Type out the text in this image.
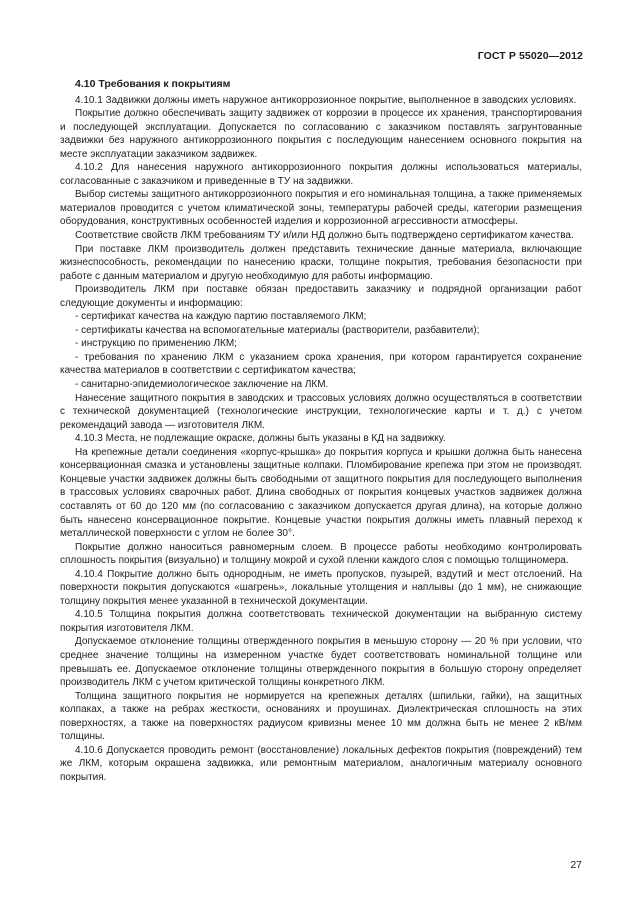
ГОСТ Р 55020—2012
4.10 Требования к покрытиям

4.10.1 Задвижки должны иметь наружное антикоррозионное покрытие, выполненное в заводских условиях.

Покрытие должно обеспечивать защиту задвижек от коррозии в процессе их хранения, транспортирования и последующей эксплуатации. Допускается по согласованию с заказчиком поставлять загрунтованные задвижки без наружного антикоррозионного покрытия с последующим нанесением основного покрытия на месте эксплуатации заказчиком задвижек.

4.10.2 Для нанесения наружного антикоррозионного покрытия должны использоваться материалы, согласованные с заказчиком и приведенные в ТУ на задвижки.

Выбор системы защитного антикоррозионного покрытия и его номинальная толщина, а также применяемых материалов проводится с учетом климатической зоны, температуры рабочей среды, категории размещения оборудования, конструктивных особенностей изделия и коррозионной агрессивности атмосферы.

Соответствие свойств ЛКМ требованиям ТУ и/или НД должно быть подтверждено сертификатом качества.

При поставке ЛКМ производитель должен представить технические данные материала, включающие жизнеспособность, рекомендации по нанесению краски, толщине покрытия, требования безопасности при работе с данным материалом и другую необходимую для работы информацию.

Производитель ЛКМ при поставке обязан предоставить заказчику и подрядной организации работ следующие документы и информацию:

- сертификат качества на каждую партию поставляемого ЛКМ;

- сертификаты качества на вспомогательные материалы (растворители, разбавители);

- инструкцию по применению ЛКМ;

- требования по хранению ЛКМ с указанием срока хранения, при котором гарантируется сохранение качества материалов в соответствии с сертификатом качества;

- санитарно-эпидемиологическое заключение на ЛКМ.

Нанесение защитного покрытия в заводских и трассовых условиях должно осуществляться в соответствии с технической документацией (технологические инструкции, технологические карты и т. д.) с учетом рекомендаций завода — изготовителя ЛКМ.

4.10.3 Места, не подлежащие окраске, должны быть указаны в КД на задвижку.

На крепежные детали соединения «корпус-крышка» до покрытия корпуса и крышки должна быть нанесена консервационная смазка и установлены защитные колпаки. Пломбирование крепежа при этом не производят. Концевые участки задвижек должны быть свободными от защитного покрытия для последующего выполнения в трассовых условиях сварочных работ. Длина свободных от покрытия концевых участков задвижек должна составлять от 60 до 120 мм (по согласованию с заказчиком допускается другая длина), на которые должно быть нанесено консервационное покрытие. Концевые участки покрытия должны иметь плавный переход к металлической поверхности с углом не более 30°.

Покрытие должно наноситься равномерным слоем. В процессе работы необходимо контролировать сплошность покрытия (визуально) и толщину мокрой и сухой пленки каждого слоя с помощью толщиномера.

4.10.4 Покрытие должно быть однородным, не иметь пропусков, пузырей, вздутий и мест отслоений. На поверхности покрытия допускаются «шагрень», локальные утолщения и наплывы (до 1 мм), не снижающие толщину покрытия менее указанной в технической документации.

4.10.5 Толщина покрытия должна соответствовать технической документации на выбранную систему покрытия изготовителя ЛКМ.

Допускаемое отклонение толщины отвержденного покрытия в меньшую сторону — 20 % при условии, что среднее значение толщины на измеренном участке будет соответствовать номинальной толщине или превышать ее. Допускаемое отклонение толщины отвержденного покрытия в большую сторону определяет производитель ЛКМ с учетом критической толщины конкретного ЛКМ.

Толщина защитного покрытия не нормируется на крепежных деталях (шпильки, гайки), на защитных колпаках, а также на ребрах жесткости, основаниях и проушинах. Диэлектрическая сплошность на этих поверхностях, а также на поверхностях радиусом кривизны менее 10 мм должна быть не менее 2 кВ/мм толщины.

4.10.6 Допускается проводить ремонт (восстановление) локальных дефектов покрытия (повреждений) тем же ЛКМ, которым окрашена задвижка, или ремонтным материалом, аналогичным материалу основного покрытия.

27
